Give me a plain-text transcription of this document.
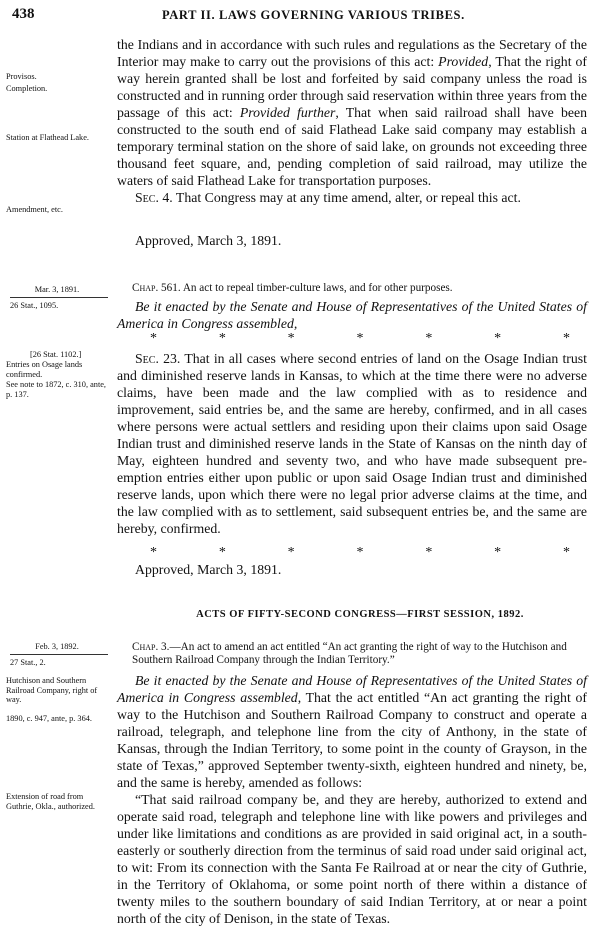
438	PART II. LAWS GOVERNING VARIOUS TRIBES.

the Indians and in accordance with such rules and regulations as the Secretary of the Interior may make to carry out the provisions of this act: Provided, That the right of way herein granted shall be lost and forfeited by said company unless the road is constructed and in running order through said reservation within three years from the passage of this act: Provided further, That when said railroad shall have been constructed to the south end of said Flathead Lake said company may establish a temporary terminal station on the shore of said lake, on grounds not exceeding three thousand feet square, and, pending completion of said railroad, may utilize the waters of said Flathead Lake for transportation purposes.

Sec. 4. That Congress may at any time amend, alter, or repeal this act.

Provisos.
Completion.
Station at Flathead Lake.
Amendment, etc.
Approved, March 3, 1891.
Mar. 3, 1891.
26 Stat., 1095.
Chap. 561. An act to repeal timber-culture laws, and for other purposes.

Be it enacted by the Senate and House of Representatives of the United States of America in Congress assembled,

*	*	*	*	*	*	*

Sec. 23. That in all cases where second entries of land on the Osage Indian trust and diminished reserve lands in Kansas, to which at the time there were no adverse claims, have been made and the law complied with as to residence and improvement, said entries be, and the same are hereby, confirmed, and in all cases where persons were actual settlers and residing upon their claims upon said Osage Indian trust and diminished reserve lands in the State of Kansas on the ninth day of May, eighteen hundred and seventy two, and who have made subsequent pre-emption entries either upon public or upon said Osage Indian trust and diminished reserve lands, upon which there were no legal prior adverse claims at the time, and the law complied with as to settlement, said subsequent entries be, and the same are hereby, confirmed.

[26 Stat. 1102.]
Entries on Osage lands confirmed.
See note to 1872, c. 310, ante, p. 137.
*	*	*	*	*	*	*
Approved, March 3, 1891.
ACTS OF FIFTY-SECOND CONGRESS—FIRST SESSION, 1892.
Feb. 3, 1892.
27 Stat., 2.
Chap. 3.—An act to amend an act entitled “An act granting the right of way to the Hutchison and Southern Railroad Company through the Indian Territory.”

Be it enacted by the Senate and House of Representatives of the United States of America in Congress assembled, That the act entitled “An act granting the right of way to the Hutchison and Southern Railroad Company to construct and operate a railroad, telegraph, and telephone line from the city of Anthony, in the state of Kansas, through the Indian Territory, to some point in the county of Grayson, in the state of Texas,” approved September twenty-sixth, eighteen hundred and ninety, be, and the same is hereby, amended as follows:

“That said railroad company be, and they are hereby, authorized to extend and operate said road, telegraph and telephone line with like powers and privileges and under like limitations and conditions as are provided in said original act, in a south-easterly or southerly direction from the terminus of said road under said original act, to wit: From its connection with the Santa Fe Railroad at or near the city of Guthrie, in the Territory of Oklahoma, or some point north of there within a distance of twenty miles to the southern boundary of said Indian Territory, at or near a point north of the city of Denison, in the state of Texas.

Hutchison and Southern Railroad Company, right of way.
1890, c. 947, ante, p. 364.
Extension of road from Guthrie, Okla., authorized.
